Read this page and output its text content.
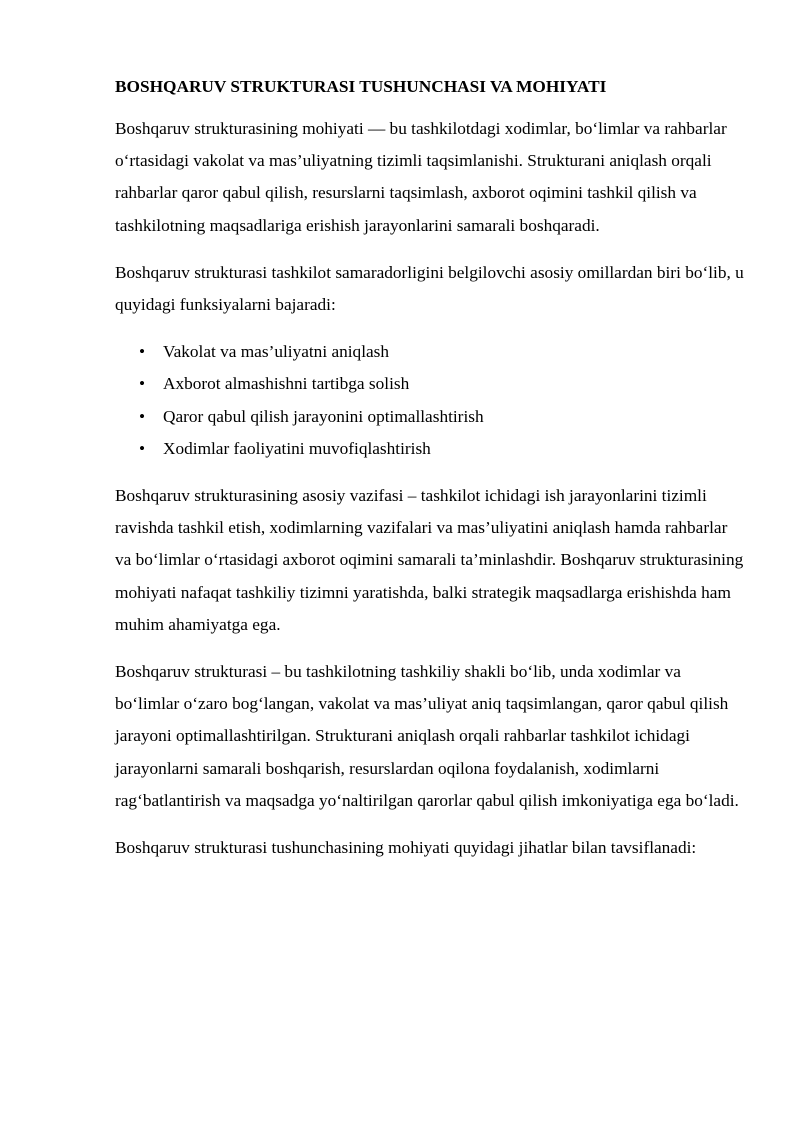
BOSHQARUV STRUKTURASI TUSHUNCHASI VA MOHIYATI

Boshqaruv strukturasining mohiyati — bu tashkilotdagi xodimlar, bo‘limlar va rahbarlar o‘rtasidagi vakolat va mas’uliyatning tizimli taqsimlanishi. Strukturani aniqlash orqali rahbarlar qaror qabul qilish, resurslarni taqsimlash, axborot oqimini tashkil qilish va tashkilotning maqsadlariga erishish jarayonlarini samarali boshqaradi.

Boshqaruv strukturasi tashkilot samaradorligini belgilovchi asosiy omillardan biri bo‘lib, u quyidagi funksiyalarni bajaradi:

• Vakolat va mas’uliyatni aniqlash
• Axborot almashishni tartibga solish
• Qaror qabul qilish jarayonini optimallashtirish
• Xodimlar faoliyatini muvofiqlashtirish

Boshqaruv strukturasining asosiy vazifasi – tashkilot ichidagi ish jarayonlarini tizimli ravishda tashkil etish, xodimlarning vazifalari va mas’uliyatini aniqlash hamda rahbarlar va bo‘limlar o‘rtasidagi axborot oqimini samarali ta’minlashdir. Boshqaruv strukturasining mohiyati nafaqat tashkiliy tizimni yaratishda, balki strategik maqsadlarga erishishda ham muhim ahamiyatga ega.

Boshqaruv strukturasi – bu tashkilotning tashkiliy shakli bo‘lib, unda xodimlar va bo‘limlar o‘zaro bog‘langan, vakolat va mas’uliyat aniq taqsimlangan, qaror qabul qilish jarayoni optimallashtirilgan. Strukturani aniqlash orqali rahbarlar tashkilot ichidagi jarayonlarni samarali boshqarish, resurslardan oqilona foydalanish, xodimlarni rag‘batlantirish va maqsadga yo‘naltirilgan qarorlar qabul qilish imkoniyatiga ega bo‘ladi.

Boshqaruv strukturasi tushunchasining mohiyati quyidagi jihatlar bilan tavsiflanadi:
